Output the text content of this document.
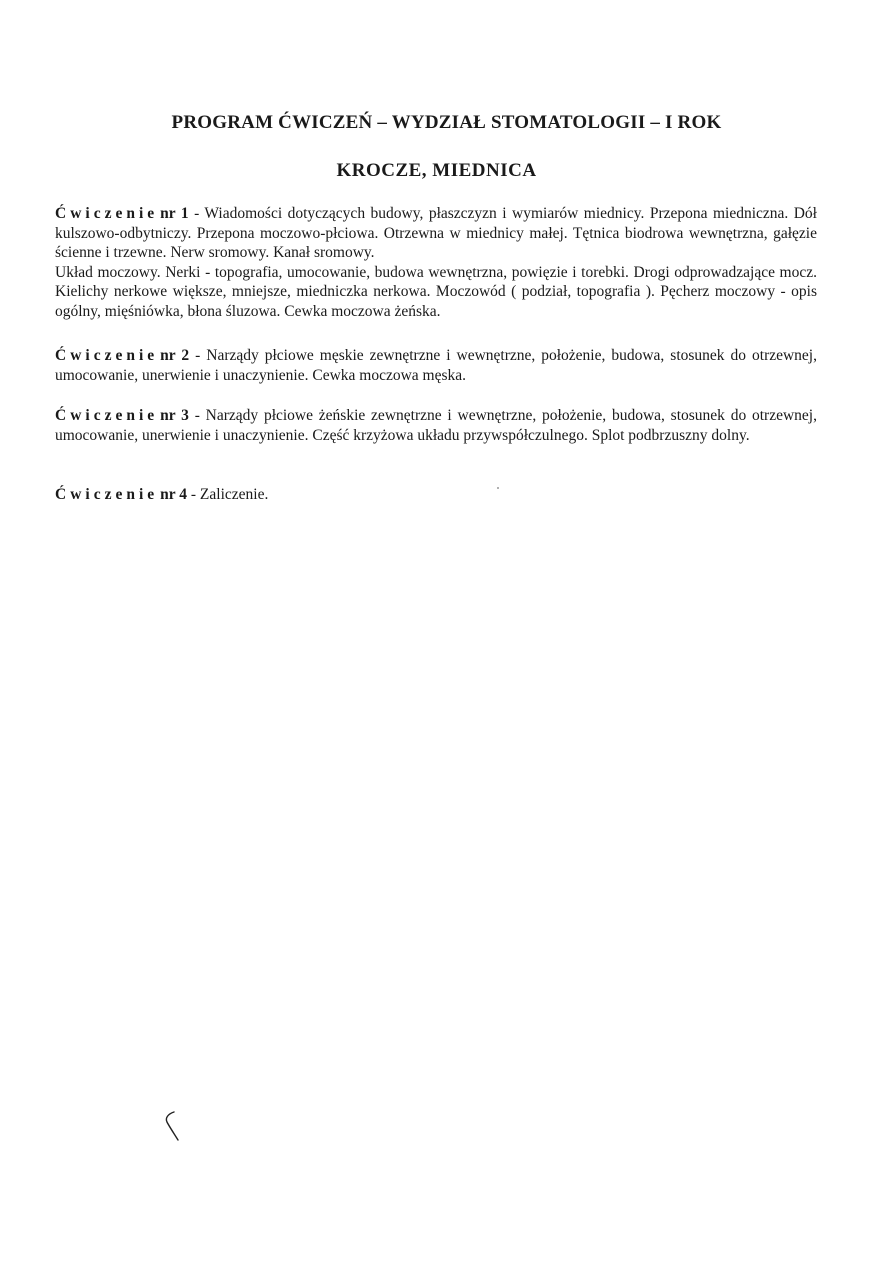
PROGRAM ĆWICZEŃ – WYDZIAŁ STOMATOLOGII – I ROK
KROCZE, MIEDNICA
Ćwiczenie nr 1 - Wiadomości dotyczących budowy, płaszczyzn i wymiarów miednicy. Przepona miedniczna. Dół kulszowo-odbytniczy. Przepona moczowo-płciowa. Otrzewna w miednicy małej. Tętnica biodrowa wewnętrzna, gałęzie ścienne i trzewne. Nerw sromowy. Kanał sromowy.
Układ moczowy. Nerki - topografia, umocowanie, budowa wewnętrzna, powięzie i torebki. Drogi odprowadzające mocz. Kielichy nerkowe większe, mniejsze, miedniczka nerkowa. Moczowód ( podział, topografia ). Pęcherz moczowy - opis ogólny, mięśniówka, błona śluzowa. Cewka moczowa żeńska.
Ćwiczenie nr 2 - Narządy płciowe męskie zewnętrzne i wewnętrzne, położenie, budowa, stosunek do otrzewnej, umocowanie, unerwienie i unaczynienie. Cewka moczowa męska.
Ćwiczenie nr 3 - Narządy płciowe żeńskie zewnętrzne i wewnętrzne, położenie, budowa, stosunek do otrzewnej, umocowanie, unerwienie i unaczynienie. Część krzyżowa układu przywspółczulnego. Splot podbrzuszny dolny.
Ćwiczenie nr 4 - Zaliczenie.
